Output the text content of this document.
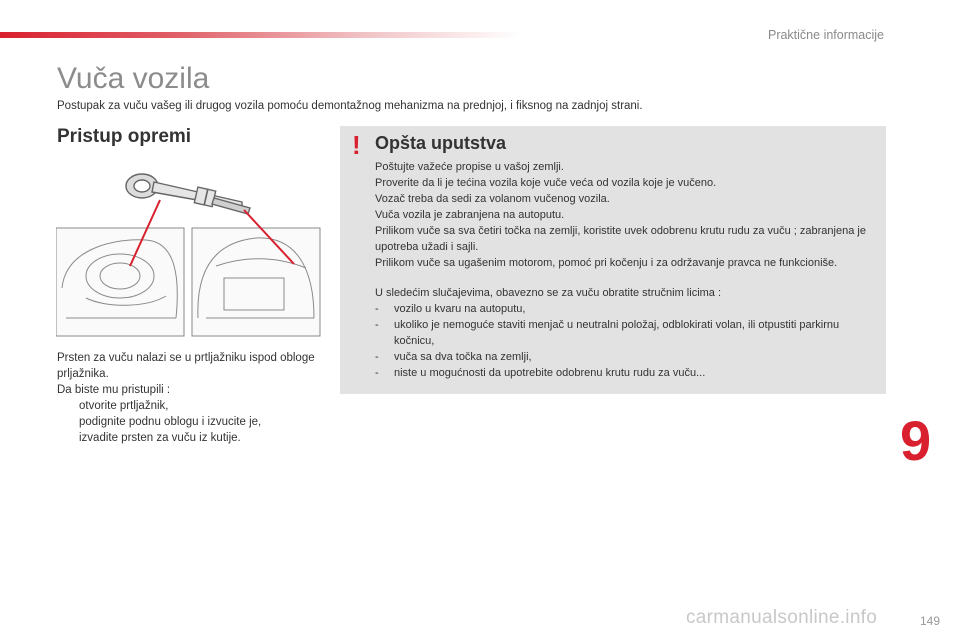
Praktične informacije
Vuča vozila
Postupak za vuču vašeg ili drugog vozila pomoću demontažnog mehanizma na prednjoj, i fiksnog na zadnjoj strani.
Pristup opremi
Prsten za vuču nalazi se u prtljažniku ispod obloge prljažnika.
Da biste mu pristupili :
otvorite prtljažnik,
podignite podnu oblogu i izvucite je,
izvadite prsten za vuču iz kutije.
! Opšta uputstva
Poštujte važeće propise u vašoj zemlji.
Proverite da li je tećina vozila koje vuče veća od vozila koje je vučeno.
Vozač treba da sedi za volanom vučenog vozila.
Vuča vozila je zabranjena na autoputu.
Prilikom vuče sa sva četiri točka na zemlji, koristite uvek odobrenu krutu rudu za vuču ; zabranjena je upotreba užadi i sajli.
Prilikom vuče sa ugašenim motorom, pomoć pri kočenju i za održavanje pravca ne funkcioniše.
U sledećim slučajevima, obavezno se za vuču obratite stručnim licima :
-	vozilo u kvaru na autoputu,
-	ukoliko je nemoguće staviti menjač u neutralni položaj, odblokirati volan, ili otpustiti parkirnu kočnicu,
-	vuča sa dva točka na zemlji,
-	niste u mogućnosti da upotrebite odobrenu krutu rudu za vuču...
9
carmanualsonline.info	149
